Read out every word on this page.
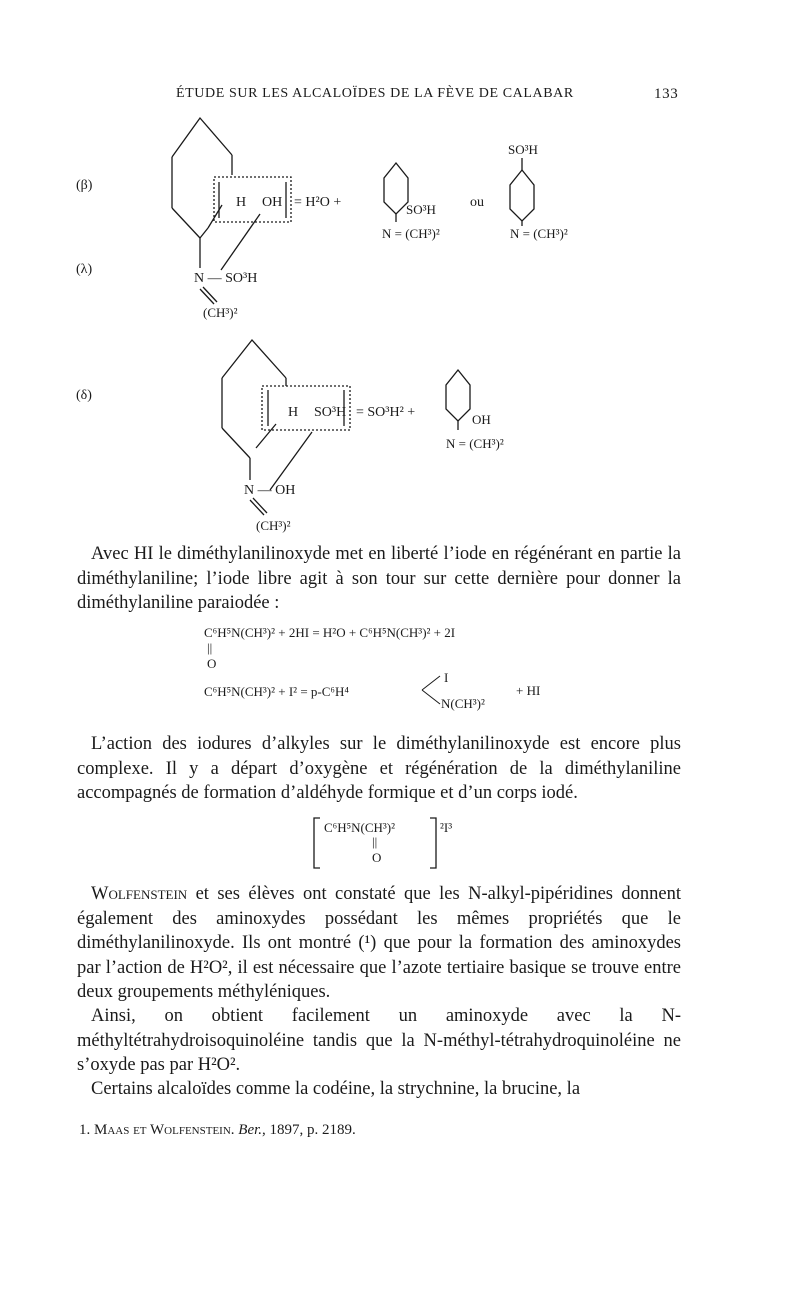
ÉTUDE SUR LES ALCALOÏDES DE LA FÈVE DE CALABAR	133
(β)
(λ)
H OH = H²O +	SO³H
N = (CH³)²
ou
SO³H
N = (CH³)²
N — SO³H
(CH³)²
(δ)
H SO³H = SO³H² +	OH
N = (CH³)²
N — OH
(CH³)²

Avec HI le diméthylanilinoxyde met en liberté l’iode en régénérant en partie la diméthylaniline; l’iode libre agit à son tour sur cette dernière pour donner la diméthylaniline paraiodée :

C⁶H⁵N(CH³)² + 2HI = H²O + C⁶H⁵N(CH³)² + 2I
||
O
C⁶H⁵N(CH³)² + I² = p-C⁶H⁴
I
N(CH³)²
+ HI

L’action des iodures d’alkyles sur le diméthylanilinoxyde est encore plus complexe. Il y a départ d’oxygène et régénération de la diméthylaniline accompagnés de formation d’aldéhyde formique et d’un corps iodé.

C⁶H⁵N(CH³)²
||
O
²I³

Wolfenstein et ses élèves ont constaté que les N-alkyl-pipéridines donnent également des aminoxydes possédant les mêmes propriétés que le diméthylanilinoxyde. Ils ont montré (¹) que pour la formation des aminoxydes par l’action de H²O², il est nécessaire que l’azote tertiaire basique se trouve entre deux groupements méthyléniques.

Ainsi, on obtient facilement un aminoxyde avec la N-méthyltétrahydroisoquinoléine tandis que la N-méthyl-tétrahydroquinoléine ne s’oxyde pas par H²O².

Certains alcaloïdes comme la codéine, la strychnine, la brucine, la

1. Maas et Wolfenstein. Ber., 1897, p. 2189.
